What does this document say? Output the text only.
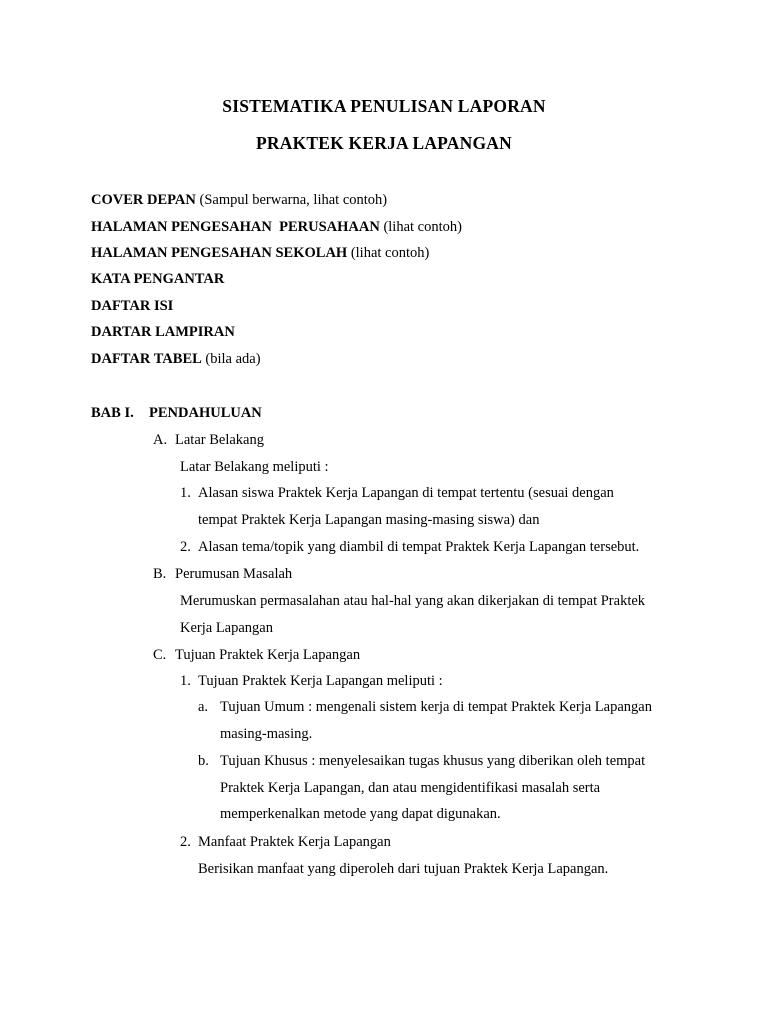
SISTEMATIKA PENULISAN LAPORAN
PRAKTEK KERJA LAPANGAN
COVER DEPAN (Sampul berwarna, lihat contoh)
HALAMAN PENGESAHAN  PERUSAHAAN (lihat contoh)
HALAMAN PENGESAHAN SEKOLAH (lihat contoh)
KATA PENGANTAR
DAFTAR ISI
DARTAR LAMPIRAN
DAFTAR TABEL (bila ada)
BAB I. PENDAHULUAN
A. Latar Belakang
Latar Belakang meliputi :
1. Alasan siswa Praktek Kerja Lapangan di tempat tertentu (sesuai dengan
tempat Praktek Kerja Lapangan masing-masing siswa) dan
2. Alasan tema/topik yang diambil di tempat Praktek Kerja Lapangan tersebut.
B. Perumusan Masalah
Merumuskan permasalahan atau hal-hal yang akan dikerjakan di tempat Praktek
Kerja Lapangan
C. Tujuan Praktek Kerja Lapangan
1. Tujuan Praktek Kerja Lapangan meliputi :
a. Tujuan Umum : mengenali sistem kerja di tempat Praktek Kerja Lapangan
masing-masing.
b. Tujuan Khusus : menyelesaikan tugas khusus yang diberikan oleh tempat
Praktek Kerja Lapangan, dan atau mengidentifikasi masalah serta
memperkenalkan metode yang dapat digunakan.
2. Manfaat Praktek Kerja Lapangan
Berisikan manfaat yang diperoleh dari tujuan Praktek Kerja Lapangan.
